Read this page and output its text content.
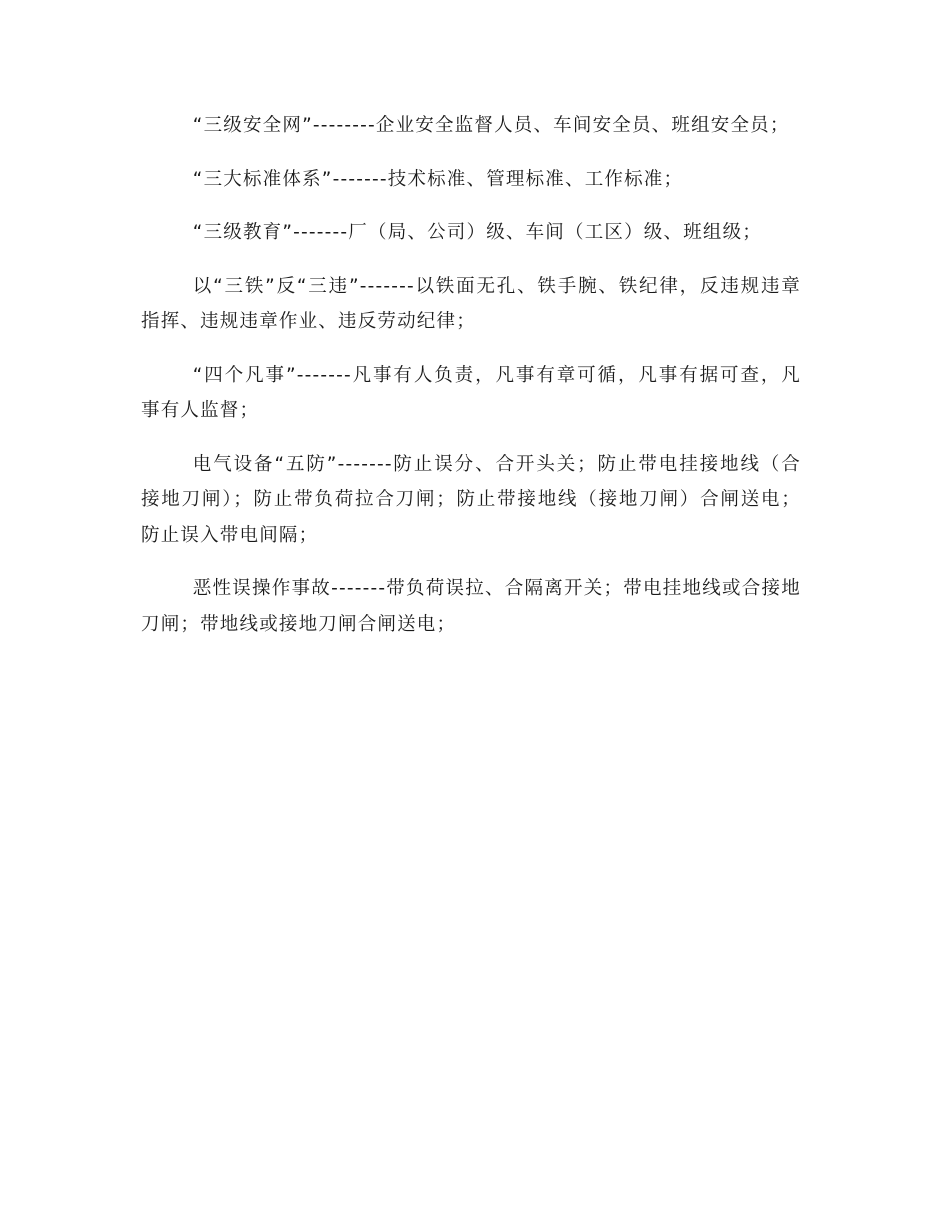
“三级安全网”--------企业安全监督人员、车间安全员、班组安全员；

“三大标准体系”-------技术标准、管理标准、工作标准；

“三级教育”-------厂（局、公司）级、车间（工区）级、班组级；

以“三铁”反“三违”-------以铁面无孔、铁手腕、铁纪律，反违规违章指挥、违规违章作业、违反劳动纪律；

“四个凡事”-------凡事有人负责，凡事有章可循，凡事有据可查，凡事有人监督；

电气设备“五防”-------防止误分、合开头关；防止带电挂接地线（合接地刀闸）；防止带负荷拉合刀闸；防止带接地线（接地刀闸）合闸送电；防止误入带电间隔；

恶性误操作事故-------带负荷误拉、合隔离开关；带电挂地线或合接地刀闸；带地线或接地刀闸合闸送电；
